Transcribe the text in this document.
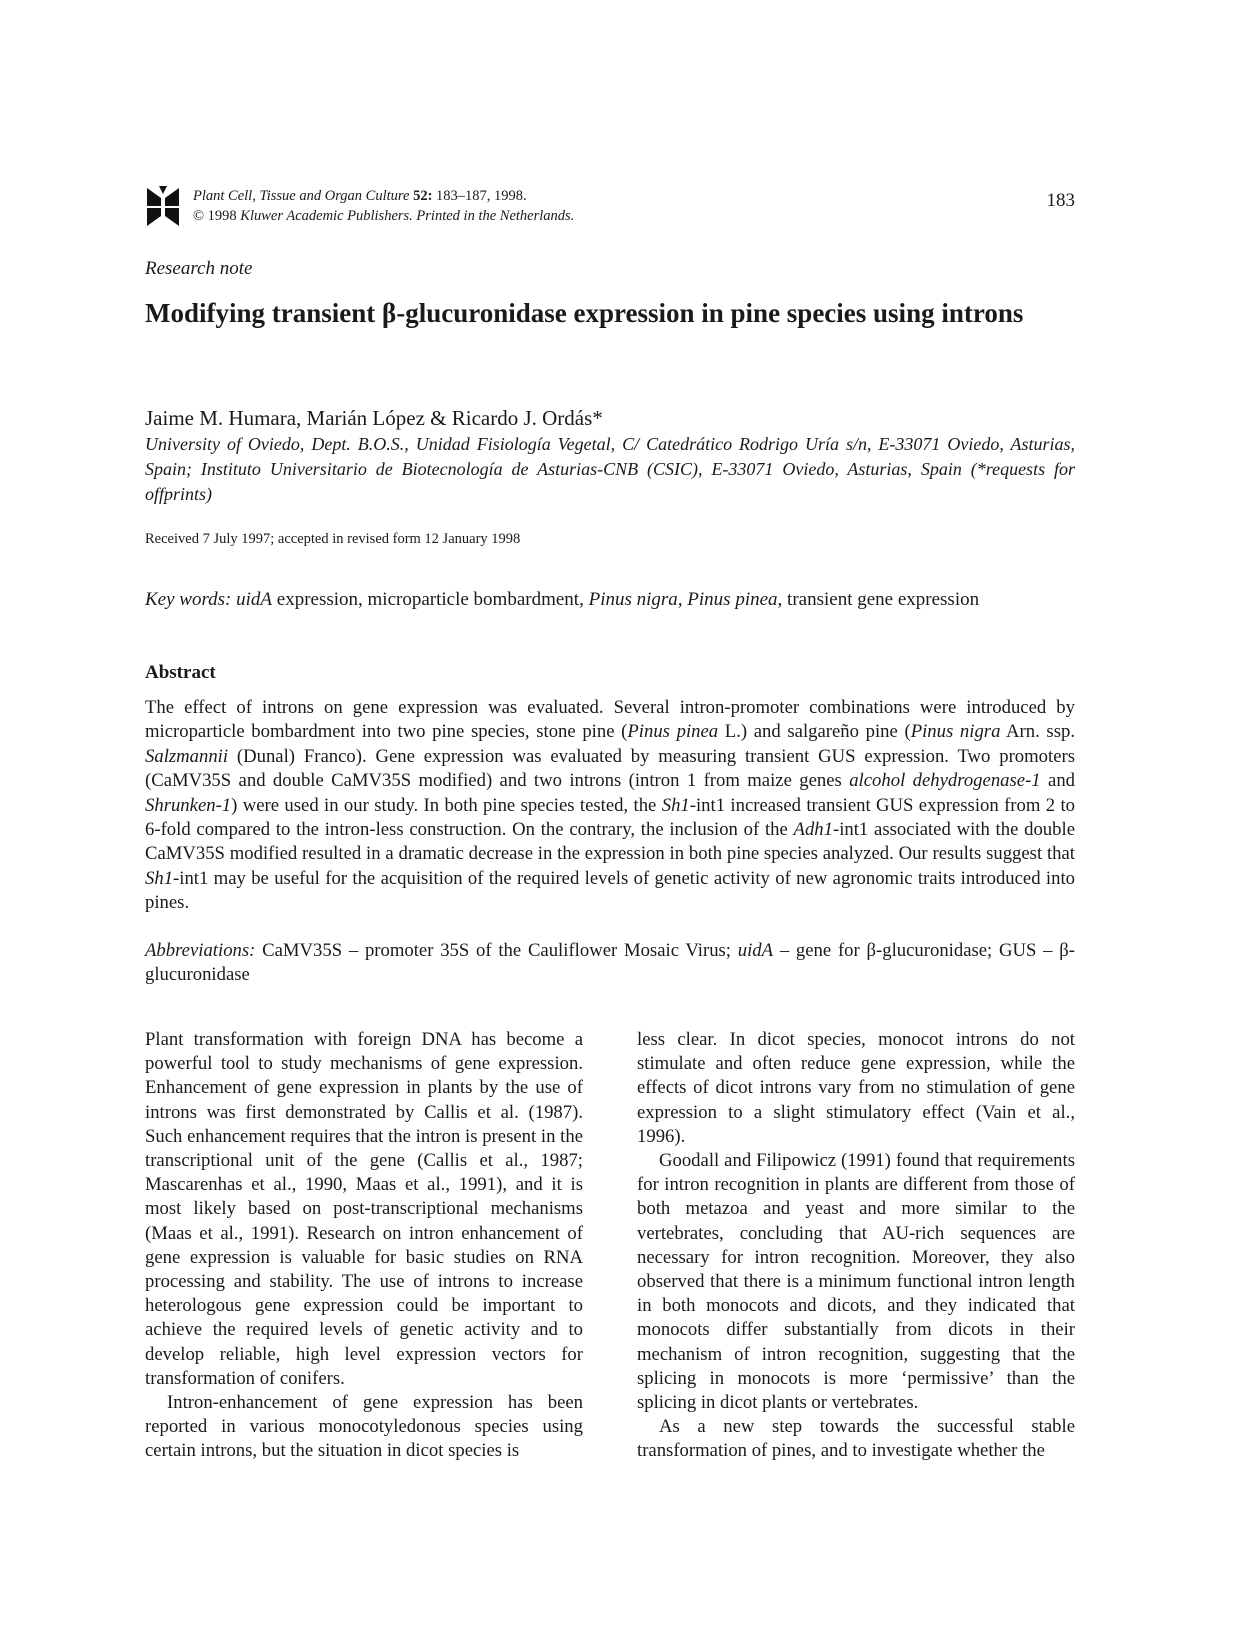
Plant Cell, Tissue and Organ Culture 52: 183–187, 1998.
© 1998 Kluwer Academic Publishers. Printed in the Netherlands.
183
Research note
Modifying transient β-glucuronidase expression in pine species using introns
Jaime M. Humara, Marián López & Ricardo J. Ordás*

University of Oviedo, Dept. B.O.S., Unidad Fisiología Vegetal, C/ Catedrático Rodrigo Uría s/n, E-33071 Oviedo, Asturias, Spain; Instituto Universitario de Biotecnología de Asturias-CNB (CSIC), E-33071 Oviedo, Asturias, Spain (*requests for offprints)

Received 7 July 1997; accepted in revised form 12 January 1998

Key words: uidA expression, microparticle bombardment, Pinus nigra, Pinus pinea, transient gene expression

Abstract

The effect of introns on gene expression was evaluated. Several intron-promoter combinations were introduced by microparticle bombardment into two pine species, stone pine (Pinus pinea L.) and salgareño pine (Pinus nigra Arn. ssp. Salzmannii (Dunal) Franco). Gene expression was evaluated by measuring transient GUS expression. Two promoters (CaMV35S and double CaMV35S modified) and two introns (intron 1 from maize genes alcohol dehydrogenase-1 and Shrunken-1) were used in our study. In both pine species tested, the Sh1-int1 increased transient GUS expression from 2 to 6-fold compared to the intron-less construction. On the contrary, the inclusion of the Adh1-int1 associated with the double CaMV35S modified resulted in a dramatic decrease in the expression in both pine species analyzed. Our results suggest that Sh1-int1 may be useful for the acquisition of the required levels of genetic activity of new agronomic traits introduced into pines.

Abbreviations: CaMV35S – promoter 35S of the Cauliflower Mosaic Virus; uidA – gene for β-glucuronidase; GUS – β-glucuronidase

Plant transformation with foreign DNA has become a powerful tool to study mechanisms of gene expression. Enhancement of gene expression in plants by the use of introns was first demonstrated by Callis et al. (1987). Such enhancement requires that the intron is present in the transcriptional unit of the gene (Callis et al., 1987; Mascarenhas et al., 1990, Maas et al., 1991), and it is most likely based on post-transcriptional mechanisms (Maas et al., 1991). Research on intron enhancement of gene expression is valuable for basic studies on RNA processing and stability. The use of introns to increase heterologous gene expression could be important to achieve the required levels of genetic activity and to develop reliable, high level expression vectors for transformation of conifers.

Intron-enhancement of gene expression has been reported in various monocotyledonous species using certain introns, but the situation in dicot species is

less clear. In dicot species, monocot introns do not stimulate and often reduce gene expression, while the effects of dicot introns vary from no stimulation of gene expression to a slight stimulatory effect (Vain et al., 1996).

Goodall and Filipowicz (1991) found that requirements for intron recognition in plants are different from those of both metazoa and yeast and more similar to the vertebrates, concluding that AU-rich sequences are necessary for intron recognition. Moreover, they also observed that there is a minimum functional intron length in both monocots and dicots, and they indicated that monocots differ substantially from dicots in their mechanism of intron recognition, suggesting that the splicing in monocots is more ‘permissive’ than the splicing in dicot plants or vertebrates.

As a new step towards the successful stable transformation of pines, and to investigate whether the
